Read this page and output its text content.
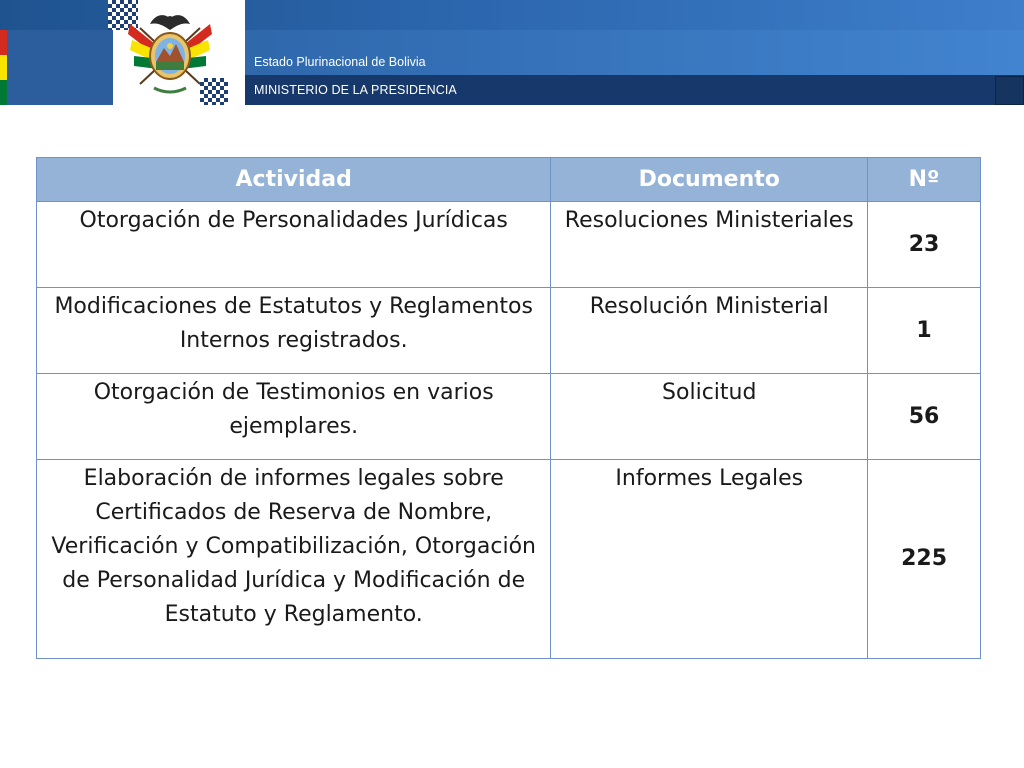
Estado Plurinacional de Bolivia
MINISTERIO DE LA PRESIDENCIA
Actividad	Documento	Nº
Otorgación de Personalidades Jurídicas	Resoluciones Ministeriales	23
Modificaciones de Estatutos y Reglamentos Internos registrados.	Resolución Ministerial	1
Otorgación de Testimonios en varios ejemplares.	Solicitud	56
Elaboración de informes legales sobre Certificados de Reserva de Nombre, Verificación y Compatibilización, Otorgación de Personalidad Jurídica y Modificación de Estatuto y Reglamento.	Informes Legales	225
